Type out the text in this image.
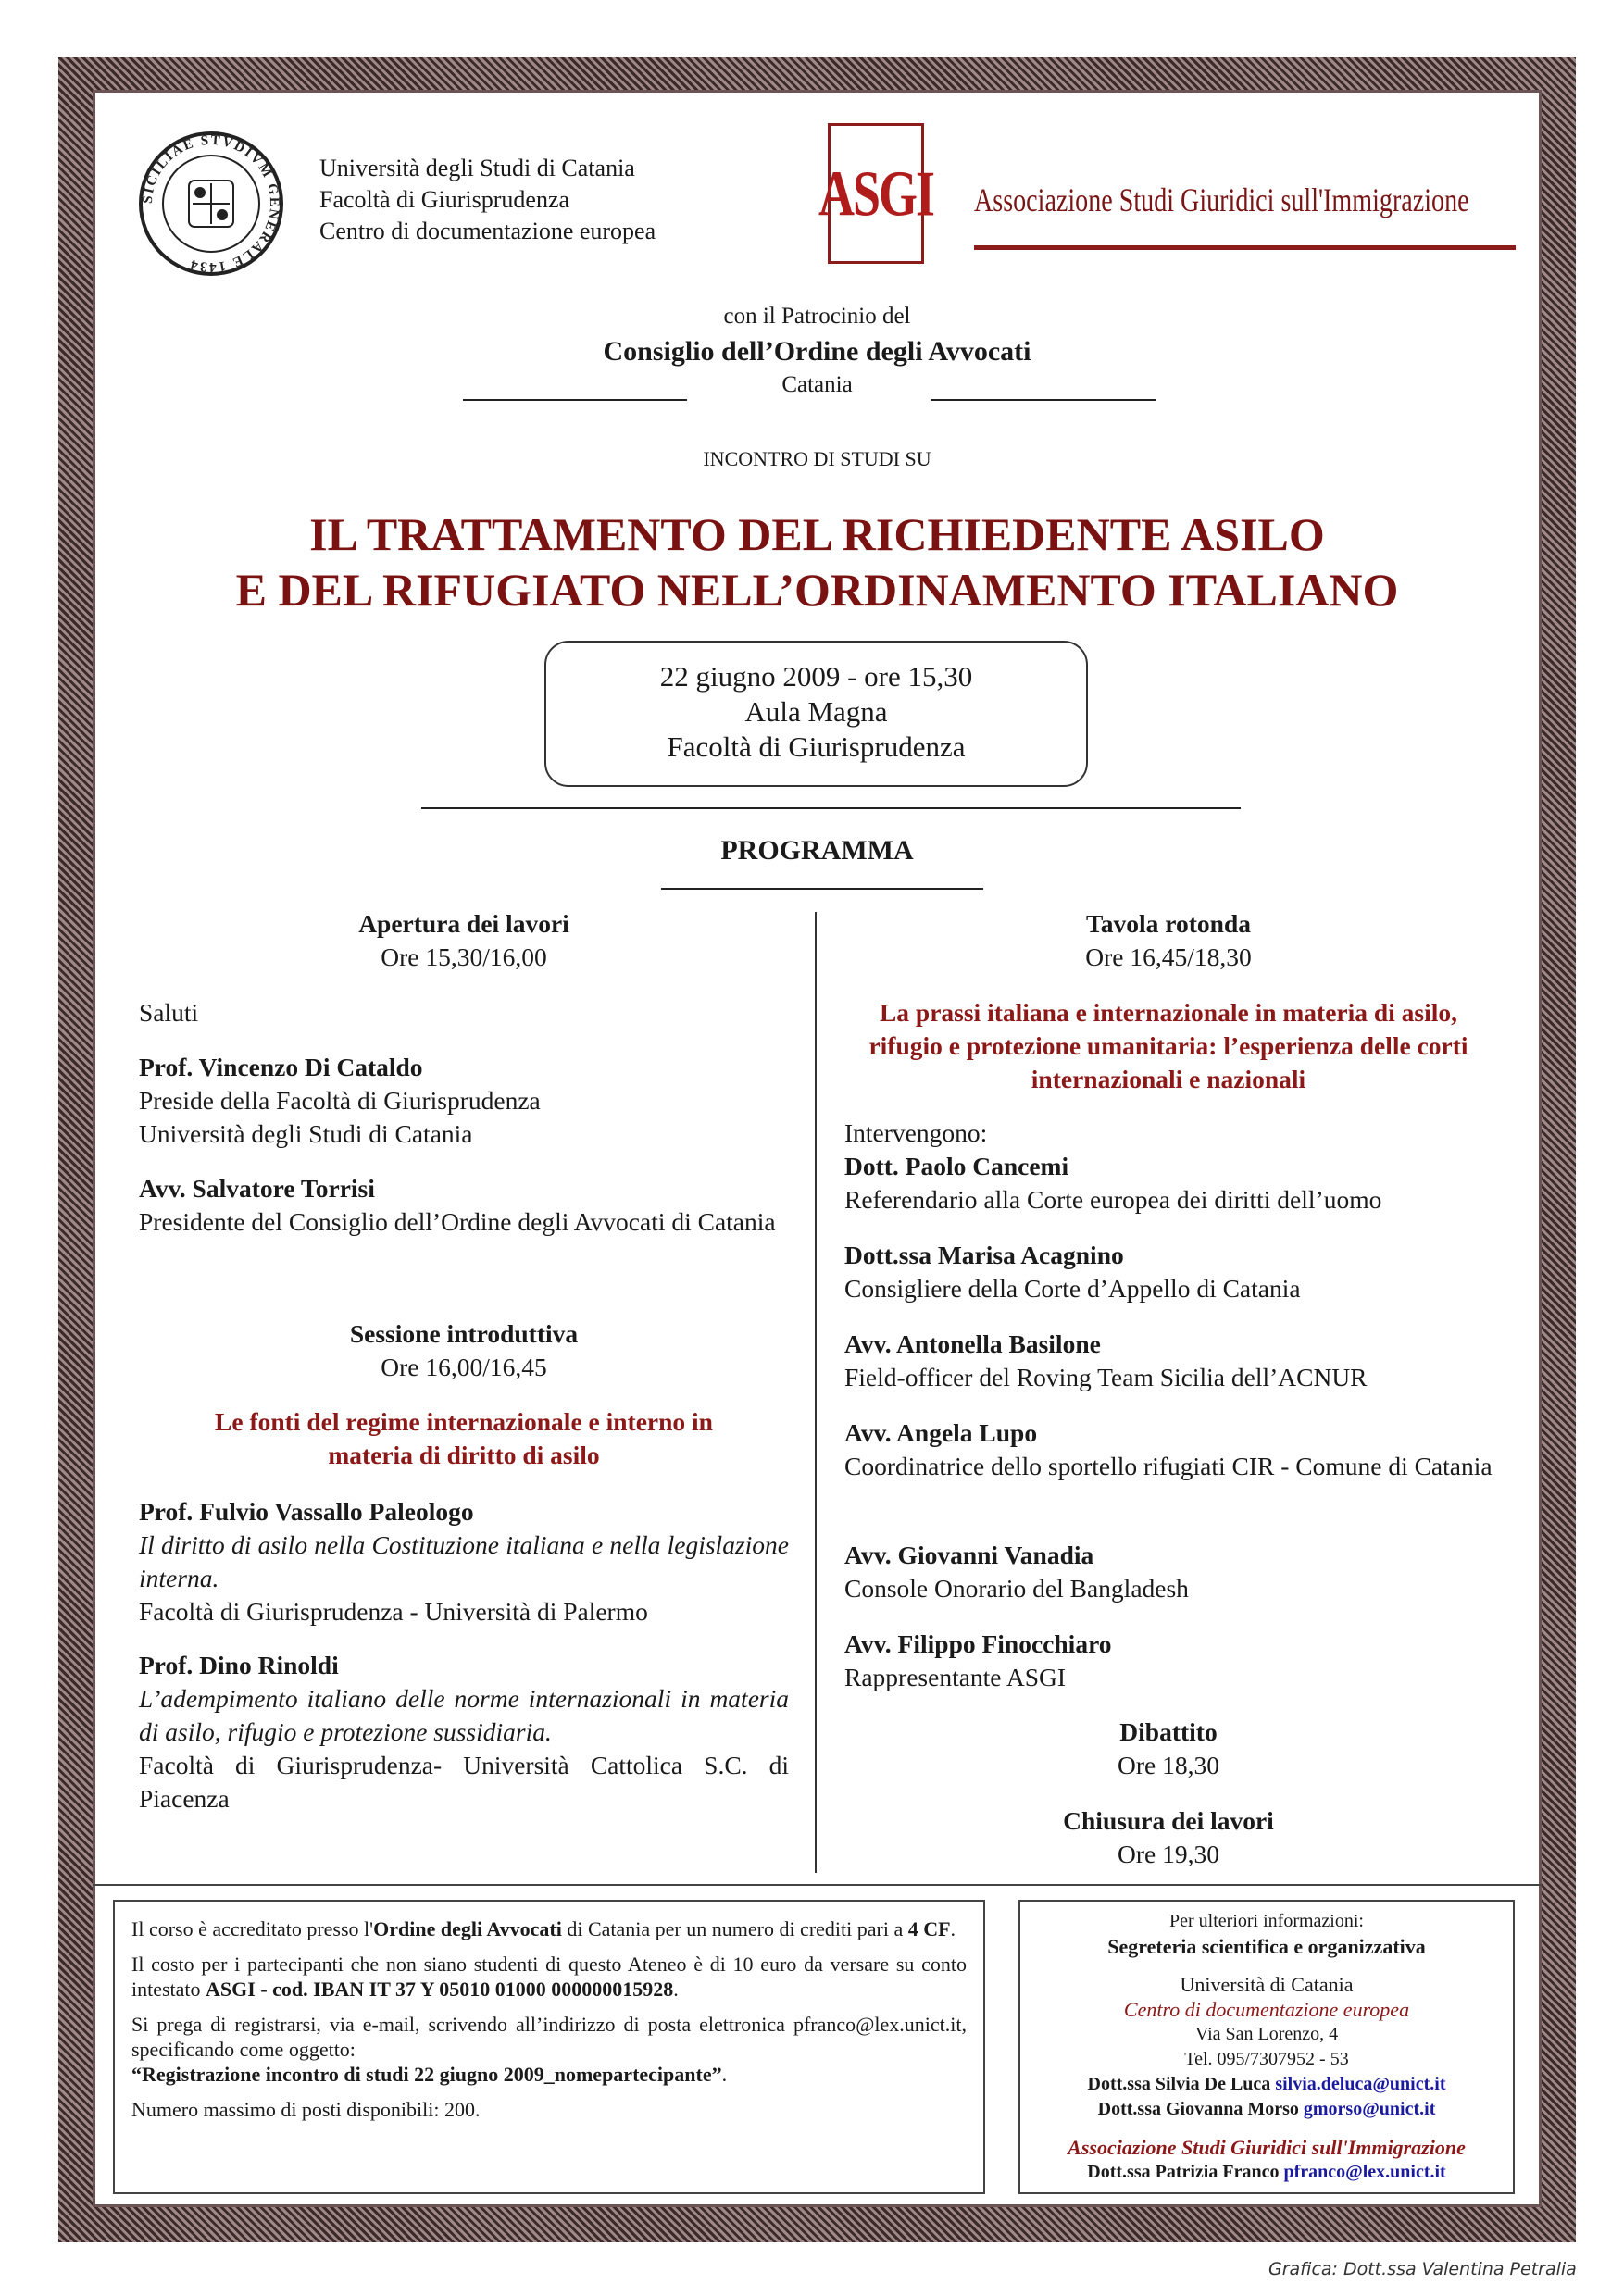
SICILIAE STVDIVM GENERALE 1434
Università degli Studi di Catania
Facoltà di Giurisprudenza
Centro di documentazione europea
ASGI Associazione Studi Giuridici sull'Immigrazione
con il Patrocinio del
Consiglio dell’Ordine degli Avvocati
Catania
INCONTRO DI STUDI SU
IL TRATTAMENTO DEL RICHIEDENTE ASILO
E DEL RIFUGIATO NELL’ORDINAMENTO ITALIANO
22 giugno 2009 - ore 15,30
Aula Magna
Facoltà di Giurisprudenza
PROGRAMMA
Apertura dei lavori
Ore 15,30/16,00
Saluti
Prof. Vincenzo Di Cataldo
Preside della Facoltà di Giurisprudenza
Università degli Studi di Catania
Avv. Salvatore Torrisi
Presidente del Consiglio dell’Ordine degli Avvocati di Catania
Sessione introduttiva
Ore 16,00/16,45
Le fonti del regime internazionale e interno in materia di diritto di asilo
Prof. Fulvio Vassallo Paleologo
Il diritto di asilo nella Costituzione italiana e nella legislazione interna.
Facoltà di Giurisprudenza - Università di Palermo
Prof. Dino Rinoldi
L’adempimento italiano delle norme internazionali in materia di asilo, rifugio e protezione sussidiaria.
Facoltà di Giurisprudenza- Università Cattolica S.C. di Piacenza
Tavola rotonda
Ore 16,45/18,30
La prassi italiana e internazionale in materia di asilo, rifugio e protezione umanitaria: l’esperienza delle corti internazionali e nazionali
Intervengono:
Dott. Paolo Cancemi
Referendario alla Corte europea dei diritti dell’uomo
Dott.ssa Marisa Acagnino
Consigliere della Corte d’Appello di Catania
Avv. Antonella Basilone
Field-officer del Roving Team Sicilia dell’ACNUR
Avv. Angela Lupo
Coordinatrice dello sportello rifugiati CIR - Comune di Catania
Avv. Giovanni Vanadia
Console Onorario del Bangladesh
Avv. Filippo Finocchiaro
Rappresentante ASGI
Dibattito
Ore 18,30
Chiusura dei lavori
Ore 19,30

Il corso è accreditato presso l'Ordine degli Avvocati di Catania per un numero di crediti pari a 4 CF.

Il costo per i partecipanti che non siano studenti di questo Ateneo è di 10 euro da versare su conto intestato ASGI - cod. IBAN IT 37 Y 05010 01000 000000015928.

Si prega di registrarsi, via e-mail, scrivendo all’indirizzo di posta elettronica pfranco@lex.unict.it, specificando come oggetto:
“Registrazione incontro di studi 22 giugno 2009_nomepartecipante”.

Numero massimo di posti disponibili: 200.

Per ulteriori informazioni:
Segreteria scientifica e organizzativa
Università di Catania
Centro di documentazione europea
Via San Lorenzo, 4
Tel. 095/7307952 - 53
Dott.ssa Silvia De Luca silvia.deluca@unict.it
Dott.ssa Giovanna Morso gmorso@unict.it
Associazione Studi Giuridici sull'Immigrazione
Dott.ssa Patrizia Franco pfranco@lex.unict.it
Grafica: Dott.ssa Valentina Petralia
